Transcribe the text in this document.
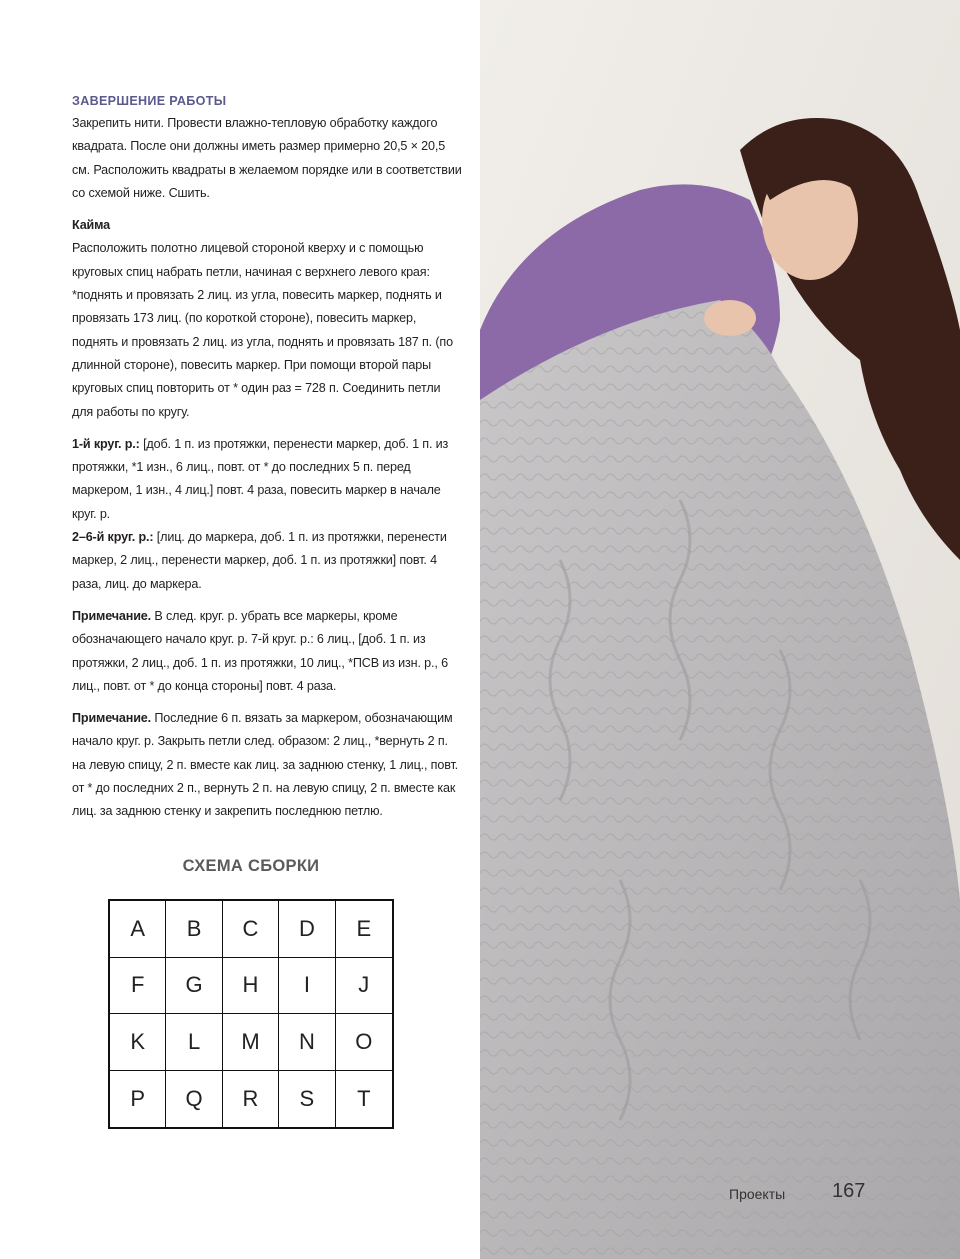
ЗАВЕРШЕНИЕ РАБОТЫ

Закрепить нити. Провести влажно-тепловую обработку каждого квадрата. После они должны иметь размер примерно 20,5 × 20,5 см. Расположить квадраты в желаемом порядке или в соответствии со схемой ниже. Сшить.

Кайма

Расположить полотно лицевой стороной кверху и с помощью круговых спиц набрать петли, начиная с верхнего левого края: *поднять и провязать 2 лиц. из угла, повесить маркер, поднять и провязать 173 лиц. (по короткой стороне), повесить маркер, поднять и провязать 2 лиц. из угла, поднять и провязать 187 п. (по длинной стороне), повесить маркер. При помощи второй пары круговых спиц повторить от * один раз = 728 п. Соединить петли для работы по кругу.

1-й круг. р.: [доб. 1 п. из протяжки, перенести маркер, доб. 1 п. из протяжки, *1 изн., 6 лиц., повт. от * до последних 5 п. перед маркером, 1 изн., 4 лиц.] повт. 4 раза, повесить маркер в начале круг. р.

2–6-й круг. р.: [лиц. до маркера, доб. 1 п. из протяжки, перенести маркер, 2 лиц., перенести маркер, доб. 1 п. из протяжки] повт. 4 раза, лиц. до маркера.

Примечание. В след. круг. р. убрать все маркеры, кроме обозначающего начало круг. р. 7-й круг. р.: 6 лиц., [доб. 1 п. из протяжки, 2 лиц., доб. 1 п. из протяжки, 10 лиц., *ПСВ из изн. р., 6 лиц., повт. от * до конца стороны] повт. 4 раза.

Примечание. Последние 6 п. вязать за маркером, обозначающим начало круг. р. Закрыть петли след. образом: 2 лиц., *вернуть 2 п. на левую спицу, 2 п. вместе как лиц. за заднюю стенку, 1 лиц., повт. от * до последних 2 п., вернуть 2 п. на левую спицу, 2 п. вместе как лиц. за заднюю стенку и закрепить последнюю петлю.

СХЕМА СБОРКИ
A	B	C	D	E
F	G	H	I	J
K	L	M	N	O
P	Q	R	S	T
Проекты 167
